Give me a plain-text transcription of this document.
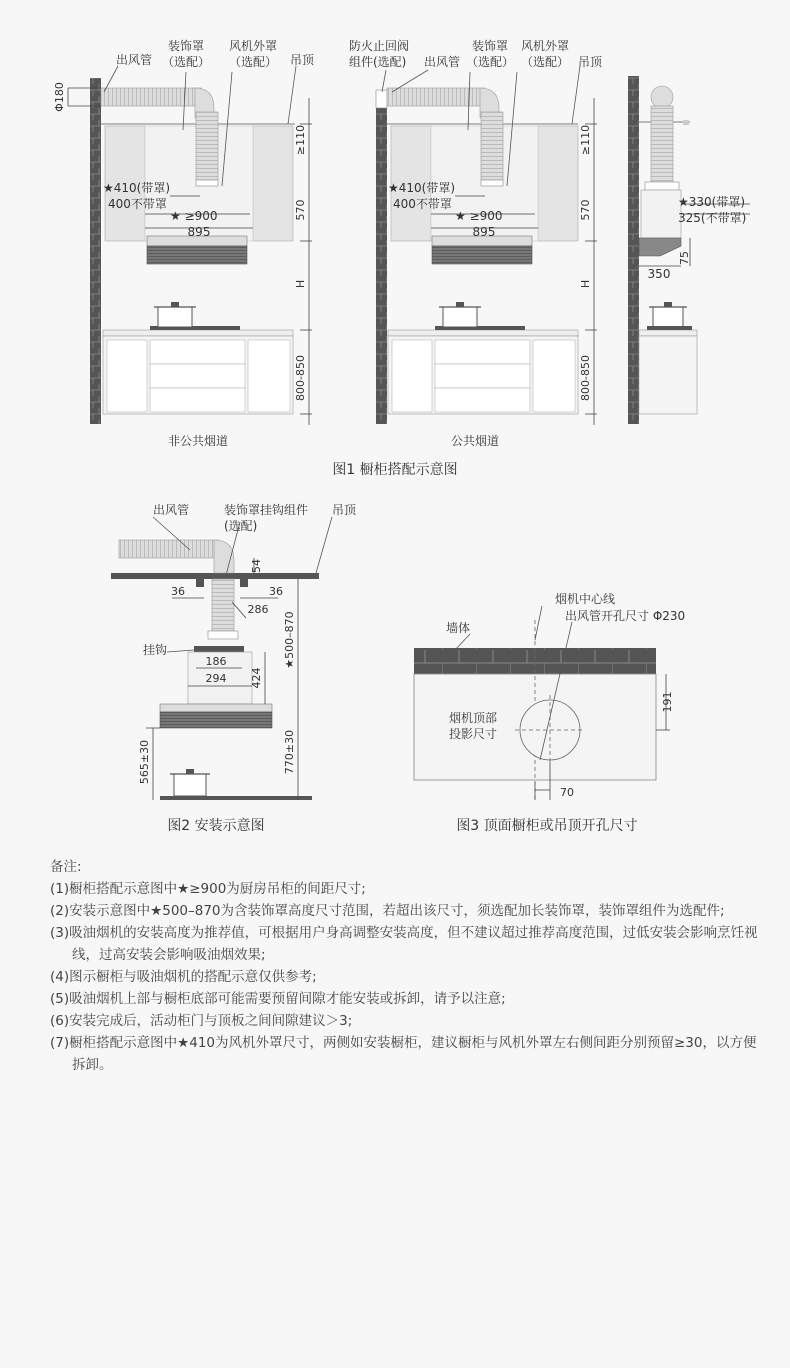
出风管
装饰罩
（选配）
风机外罩
（选配） 吊顶
Φ180
≥110
570
H
800-850
★410(带罩)
400不带罩
★ ≥900
895
非公共烟道
防火止回阀
组件(选配) 出风管
装饰罩
（选配）
风机外罩
（选配） 吊顶
≥110
570
H
800-850
★410(带罩)
400不带罩
★ ≥900
895
公共烟道
★330(带罩)
325(不带罩)
75
350
图1 橱柜搭配示意图
出风管	装饰罩挂钩组件
(选配)
吊顶
挂钩
54
36	36
286
186
294 424
★500–870
770±30
565±30
图2 安装示意图
烟机中心线
出风管开孔尺寸 Φ230
墙体
烟机顶部
投影尺寸
191
70
图3 顶面橱柜或吊顶开孔尺寸
备注:
(1)橱柜搭配示意图中★≥900为厨房吊柜的间距尺寸;
(2)安装示意图中★500–870为含装饰罩高度尺寸范围，若超出该尺寸，须选配加长装饰罩，装饰罩组件为选配件;
(3)吸油烟机的安装高度为推荐值，可根据用户身高调整安装高度，但不建议超过推荐高度范围，过低安装会影响烹饪视线，过高安装会影响吸油烟效果;
(4)图示橱柜与吸油烟机的搭配示意仅供参考;
(5)吸油烟机上部与橱柜底部可能需要预留间隙才能安装或拆卸，请予以注意;
(6)安装完成后，活动柜门与顶板之间间隙建议＞3;
(7)橱柜搭配示意图中★410为风机外罩尺寸，两侧如安装橱柜，建议橱柜与风机外罩左右侧间距分别预留≥30，以方便拆卸。
